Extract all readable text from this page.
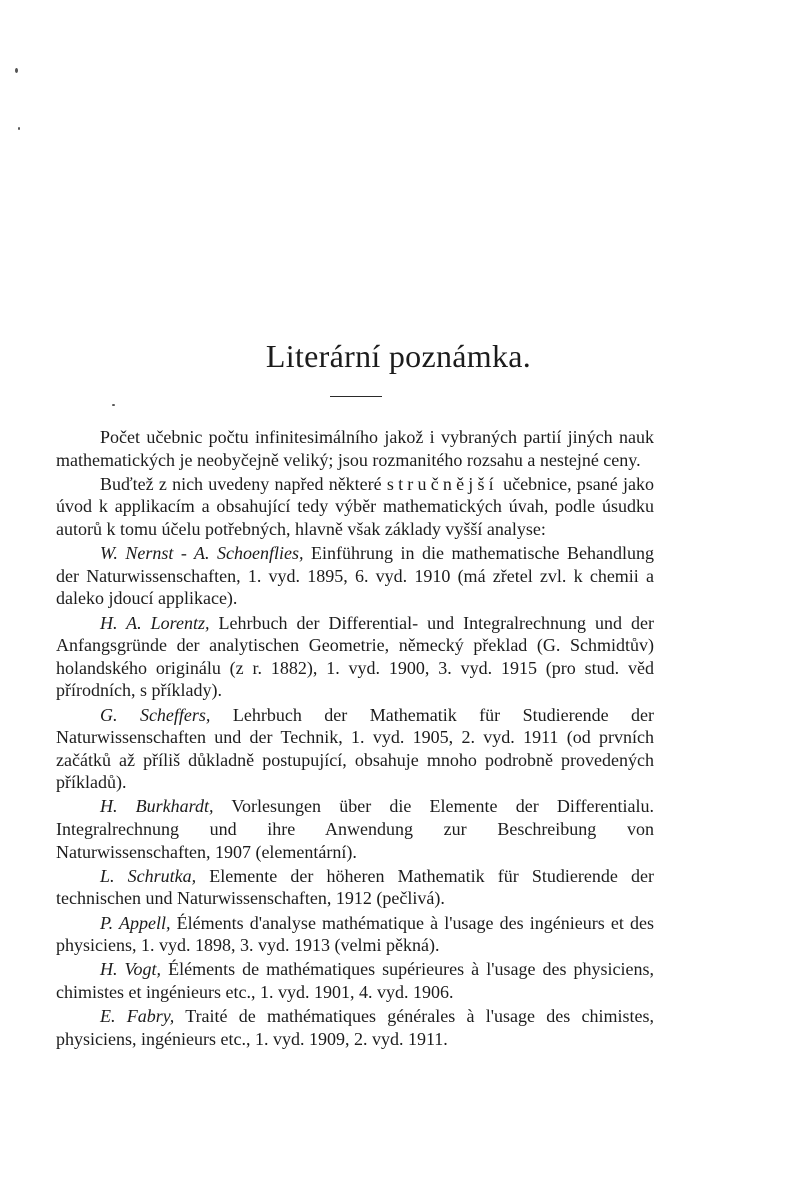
Literární poznámka.

Počet učebnic počtu infinitesimálního jakož i vybraných partií jiných nauk mathematických je neobyčejně veliký; jsou rozmanitého rozsahu a nestejné ceny.

Buďtež z nich uvedeny napřed některé stručnější učebnice, psané jako úvod k applikacím a obsahující tedy výběr mathematických úvah, podle úsudku autorů k tomu účelu potřebných, hlavně však základy vyšší analyse:

W. Nernst - A. Schoenflies, Einführung in die mathematische Behandlung der Naturwissenschaften, 1. vyd. 1895, 6. vyd. 1910 (má zřetel zvl. k chemii a daleko jdoucí applikace).

H. A. Lorentz, Lehrbuch der Differential- und Integralrechnung und der Anfangsgründe der analytischen Geometrie, německý překlad (G. Schmidtův) holandského originálu (z r. 1882), 1. vyd. 1900, 3. vyd. 1915 (pro stud. věd přírodních, s příklady).

G. Scheffers, Lehrbuch der Mathematik für Studierende der Naturwissenschaften und der Technik, 1. vyd. 1905, 2. vyd. 1911 (od prvních začátků až příliš důkladně postupující, obsahuje mnoho podrobně provedených příkladů).

H. Burkhardt, Vorlesungen über die Elemente der Differentialu. Integralrechnung und ihre Anwendung zur Beschreibung von Naturwissenschaften, 1907 (elementární).

L. Schrutka, Elemente der höheren Mathematik für Studierende der technischen und Naturwissenschaften, 1912 (pečlivá).

P. Appell, Éléments d'analyse mathématique à l'usage des ingénieurs et des physiciens, 1. vyd. 1898, 3. vyd. 1913 (velmi pěkná).

H. Vogt, Éléments de mathématiques supérieures à l'usage des physiciens, chimistes et ingénieurs etc., 1. vyd. 1901, 4. vyd. 1906.

E. Fabry, Traité de mathématiques générales à l'usage des chimistes, physiciens, ingénieurs etc., 1. vyd. 1909, 2. vyd. 1911.
